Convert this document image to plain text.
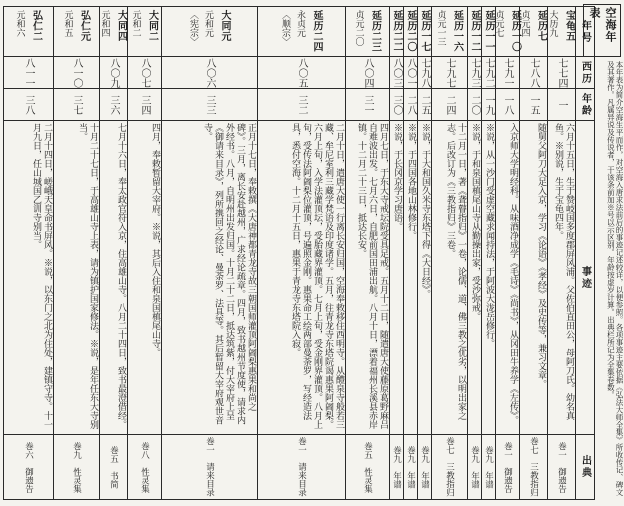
年号
西历
年龄
事迹
出典
宝龟五
大历九
七七四
一
六月十五日，生于赞岐国多度郡屏风浦。父佐伯直田公，母阿刀氏。幼名真鱼。※别说，生于宝龟四年。
巻一　御遗告
延历七
贞元四
七八八
一五
随舅父阿刀大足入京，学习《论语》《孝经》及史传等，兼习文章。
巻七　三教指归
延历一〇
贞元七
七九一
一八
入京师大学明经科。从味酒净成学《毛诗》《尚书》，从冈田牛养学《左传》。
巻一　御遗告
延历一一
七九二
一九
※说，从一沙门受虚空藏求闻持法，于阿波大泷岳修行。
巻九　年谱
延历一二
七九三
二〇
※说，于和泉国槙尾山寺从勤操出家，受沙弥戒。
巻九　年谱
延历一六
贞元一三
七九七
二四
十二月一日，著《聋瞽指归》一卷，论儒、道、佛三教之优劣，以明出家之志。后改订为《三教指归》三卷。
巻七　三教指归
延历一七
七九八
二五
※说，于大和国久米寺东塔下得《大日经》。
巻九　年谱
延历二〇
八〇一
二八
※说，于四国各地山林修行。
巻九　年谱
延历二二
八〇三
三〇
※说，于长冈京学习唐语。
巻九　年谱
延历二三
贞元二〇
八〇四
三一
四月七日，于东大寺戒坛院受具足戒。五月十二日，随遣唐大使藤原葛野麻吕自难波出发。七月六日，自肥前国田浦出航。八月十日，漂着福州长溪县赤岸镇。十二月二十三日，抵达长安。
巻五　性灵集
延历二四
永贞元
〈顺宗〉
八〇五
三二
二月十日，遣唐大使一行离长安归国，空海奉敕移住西明寺。从醴泉寺般若三藏、牟尼室利三藏学梵语及印度诸学。五月，往青龙寺东塔院谒惠果阿阇梨。六月上旬，入学法灌顶坛，受胎藏界灌顶。七月上旬，受金刚界灌顶。八月上旬，受传法阿阇梨位灌顶，号遍照金刚。惠果命工绘两部曼荼罗，写经造法具，悉付空海。十二月十五日，惠果于青龙寺东塔院入寂。
巻一　请来目录
大同元
元和元
〈宪宗〉
八〇六
三三
正月十七日，奉敕撰《大唐神都青龙寺故三朝国师灌顶阿阇梨惠果和尚之碑》。三月，离长安赴越州，广求经论疏章。四月，致书越州节度使，请求内外经书。八月，自明州出发归国。十月二十二日，抵达筑紫，付大宰府上呈《御请来目录》，列所携回之经论、曼荼罗、法具等。其后暂留大宰府观世音寺。
巻一　请来目录
大同二
元和二
八〇七
三四
四月，奉敕暂留大宰府。※说，其后入住和泉国槙尾山寺。
巻八　性灵集
大同四
元和四
八〇九
三六
七月十六日，奉太政官符入京，住高雄山寺。八月二十四日，致书最澄借经。
巻五　书简
弘仁元
元和五
八一〇
三七
十月二十七日，于高雄山寺上表，请为镇护国家修法。※说，是年任东大寺别当。
巻九　性灵集
弘仁二
元和六
八一一
三八
二月十四日，嵯峨天皇命书屏风。※说，以东门之北为住处，建镇守寺。十一月九日，任山城国乙训寺别当。
巻六　御遗告
空海年表
本年表为简介空海生平而作，对空海入唐求法前后的事迹记述较详，以便参照。各项事迹主要依据《弘法大师全集》所收传记、碑文及其著作。凡属异说及传说者，于该条前加※号以示区别。年龄按虚岁计算。出典栏所记为全集卷数。
